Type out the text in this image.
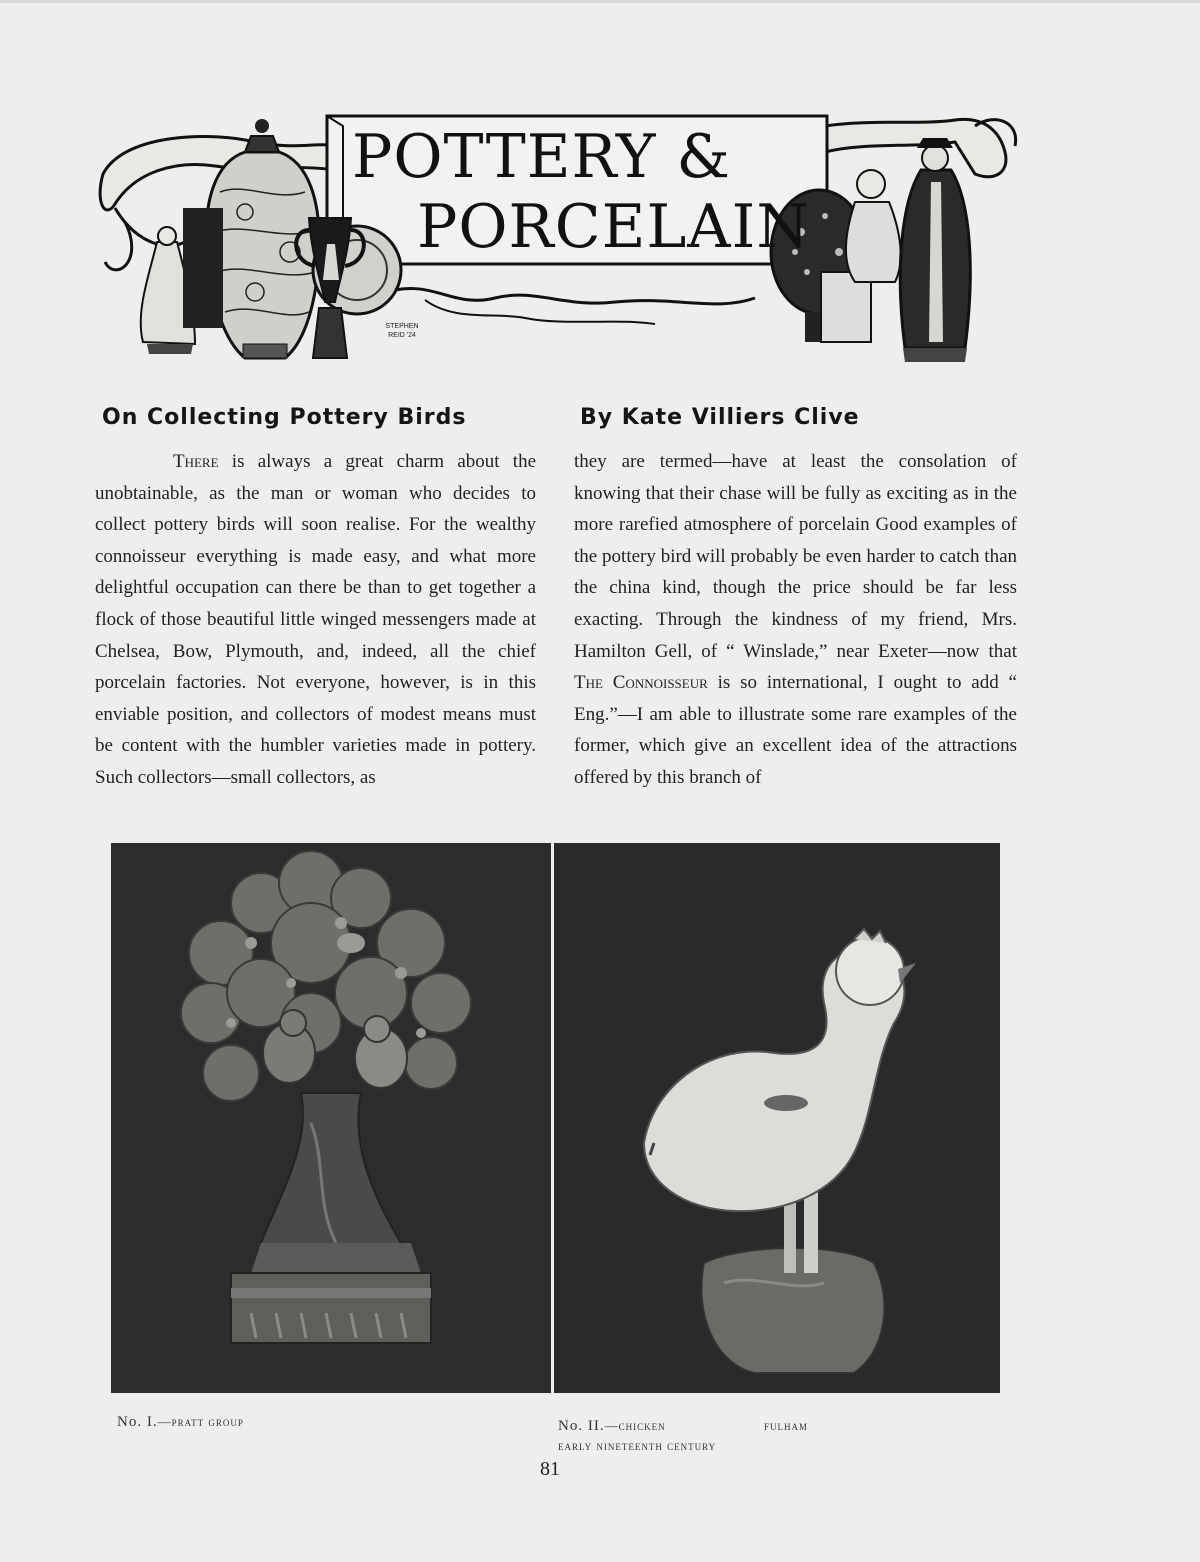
POTTERY &
PORCELAIN
STEPHEN
REID '24
On Collecting Pottery Birds	By Kate Villiers Clive

There is always a great charm about the unobtainable, as the man or woman who decides to collect pottery birds will soon realise. For the wealthy connoisseur everything is made easy, and what more delightful occupation can there be than to get together a flock of those beautiful little winged messengers made at Chelsea, Bow, Plymouth, and, indeed, all the chief porcelain factories. Not everyone, however, is in this enviable position, and collectors of modest means must be content with the humbler varieties made in pottery. Such collectors—small collectors, as

they are termed—have at least the consolation of knowing that their chase will be fully as exciting as in the more rarefied atmosphere of porcelain Good examples of the pottery bird will probably be even harder to catch than the china kind, though the price should be far less exacting. Through the kindness of my friend, Mrs. Hamilton Gell, of “ Winslade,” near Exeter—now that The Connoisseur is so international, I ought to add “ Eng.”—I am able to illustrate some rare examples of the former, which give an excellent idea of the attractions offered by this branch of

No. I.—pratt group	No. II.—chicken	fulham
early nineteenth century
81
